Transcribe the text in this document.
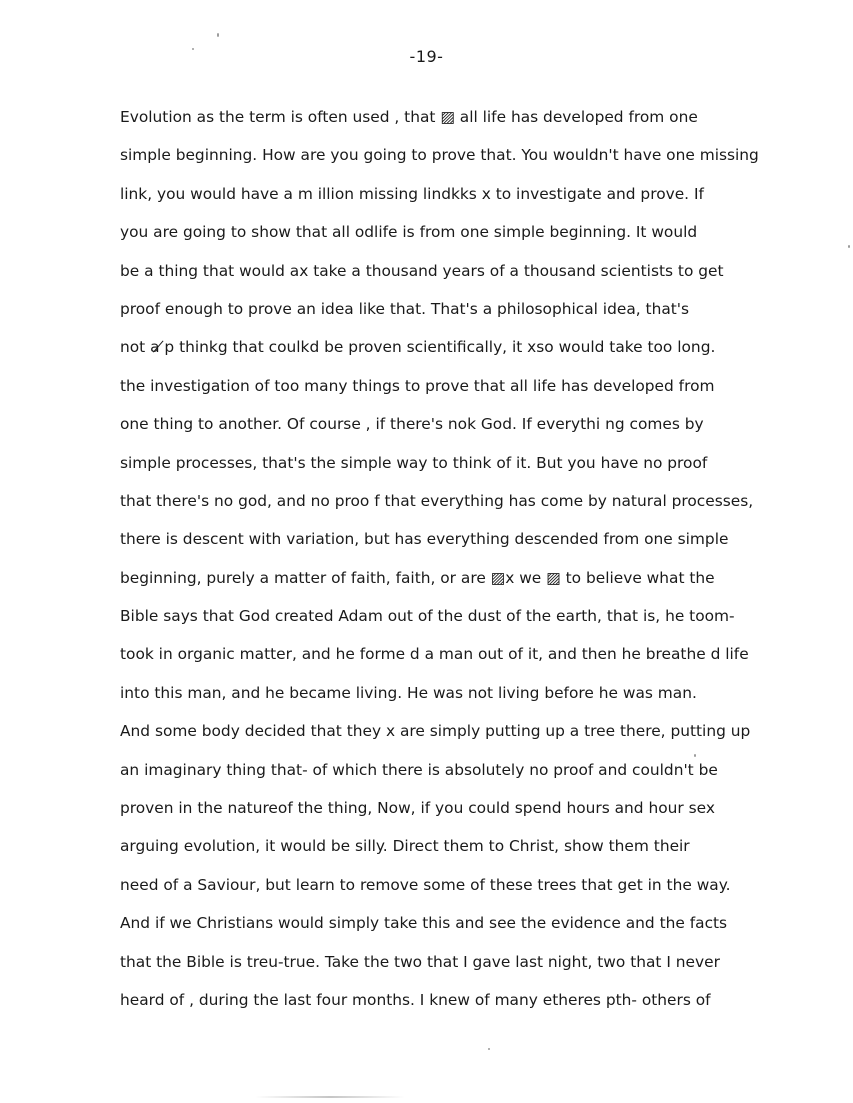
-19-
Evolution as the term is often used , that ▨ all life has developed from one
simple beginning. How are you going to prove that. You wouldn't have one missing
link, you would have a m illion missing lindkks x to investigate and prove. If
you are going to show that all odlife is from one simple beginning. It would
be a thing that would ax take a thousand years of a thousand scientists to get
proof enough to prove an idea like that. That's a philosophical idea, that's
not a ̸p thinkg that coulkd be proven scientifically, it xso would take too long.
the investigation of too many things to prove that all life has developed from
one thing to another. Of course , if there's nok God. If everythi ng comes by
simple processes, that's the simple way to think of it. But you have no proof
that there's no god, and no proo f that everything has come by natural processes,
there is descent with variation, but has everything descended from one simple
beginning, purely a matter of faith, faith, or are ▨x we ▨ to believe what the
Bible says that God created Adam out of the dust of the earth, that is, he toom-
took in organic matter, and he forme d a man out of it, and then he breathe d life
into this man, and he became living. He was not living before he was man.
And some body decided that they x are simply putting up a tree there, putting up
an imaginary thing that- of which there is absolutely no proof and couldn't be
proven in the natureof the thing, Now, if you could spend hours and hour sex
arguing evolution, it would be silly. Direct them to Christ, show them their
need of a Saviour, but learn to remove some of these trees that get in the way.
And if we Christians would simply take this and see the evidence and the facts
that the Bible is treu-true. Take the two that I gave last night, two that I never
heard of , during the last four months. I knew of many etheres pth- others of
